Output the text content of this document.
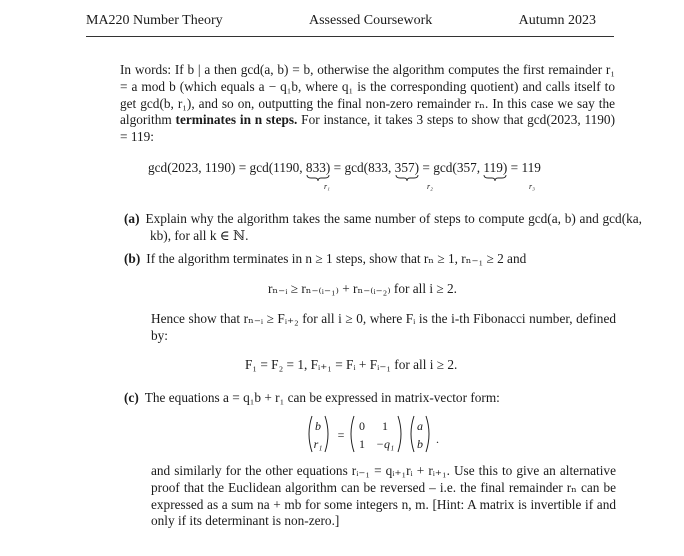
MA220 Number Theory	Assessed Coursework	Autumn 2023
In words: If b | a then gcd(a, b) = b, otherwise the algorithm computes the first remainder r₁ = a mod b (which equals a − q₁b, where q₁ is the corresponding quotient) and calls itself to get gcd(b, r₁), and so on, outputting the final non-zero remainder rₙ. In this case we say the algorithm terminates in n steps. For instance, it takes 3 steps to show that gcd(2023, 1190) = 119:
gcd(2023, 1190) = gcd(1190, 833
) = gcd(833, 357
) = gcd(357, 119
) = 119
r₁	r₂	r₃
(a) Explain why the algorithm takes the same number of steps to compute gcd(a, b) and gcd(ka, kb), for all k ∈ ℕ.
(b) If the algorithm terminates in n ≥ 1 steps, show that rₙ ≥ 1, rₙ₋₁ ≥ 2 and
rₙ₋ᵢ ≥ rₙ₋₍ᵢ₋₁₎ + rₙ₋₍ᵢ₋₂₎ for all i ≥ 2.
Hence show that rₙ₋ᵢ ≥ Fᵢ₊₂ for all i ≥ 0, where Fᵢ is the i-th Fibonacci number, defined by:
F₁ = F₂ = 1, Fᵢ₊₁ = Fᵢ + Fᵢ₋₁ for all i ≥ 2.
(c) The equations a = q₁b + r₁ can be expressed in matrix-vector form:
b
r₁
=
0 1
1 −q₁
a
b .
and similarly for the other equations rᵢ₋₁ = qᵢ₊₁rᵢ + rᵢ₊₁. Use this to give an alternative proof that the Euclidean algorithm can be reversed – i.e. the final remainder rₙ can be expressed as a sum na + mb for some integers n, m. [Hint: A matrix is invertible if and only if its determinant is non-zero.]
